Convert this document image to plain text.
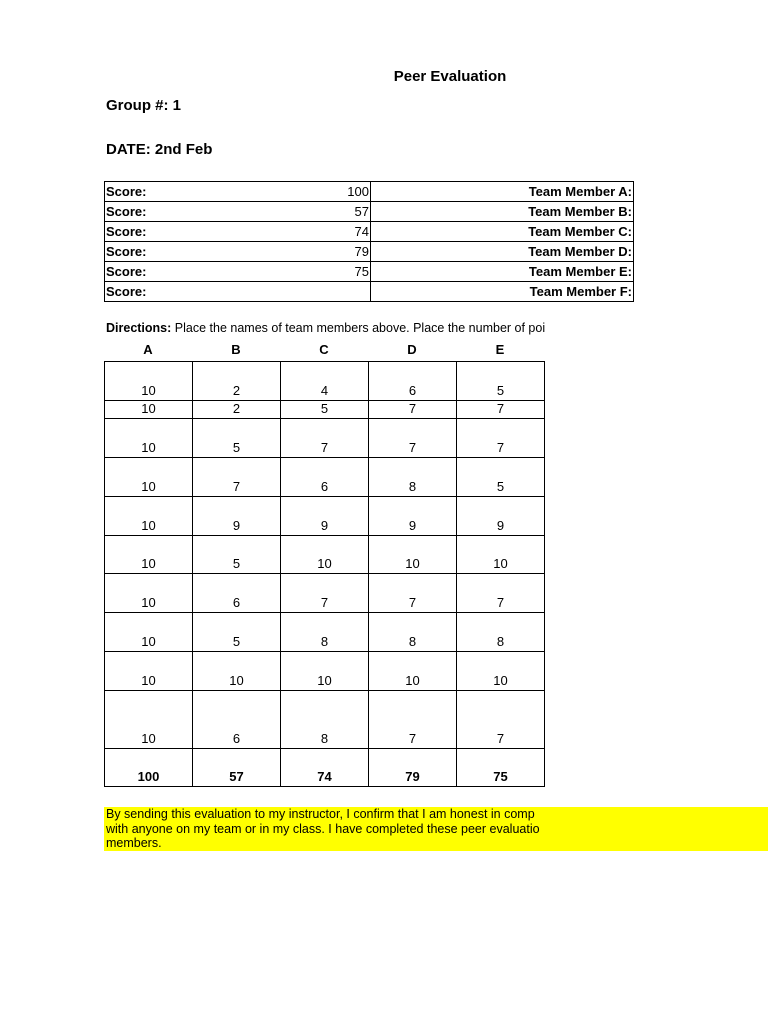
Peer Evaluation
Group #: 1
DATE: 2nd Feb
Score:	100	Team Member A:
Score:	57	Team Member B:
Score:	74	Team Member C:
Score:	79	Team Member D:
Score:	75	Team Member E:
Score:		Team Member F:
Directions: Place the names of team members above. Place the number of poi
A	B	C	D	E
10	2	4	6	5
10	2	5	7	7
10	5	7	7	7
10	7	6	8	5
10	9	9	9	9
10	5	10	10	10
10	6	7	7	7
10	5	8	8	8
10	10	10	10	10
10	6	8	7	7
100	57	74	79	75
By sending this evaluation to my instructor, I confirm that I am honest in comp
with anyone on my team or in my class. I have completed these peer evaluatio
members.
